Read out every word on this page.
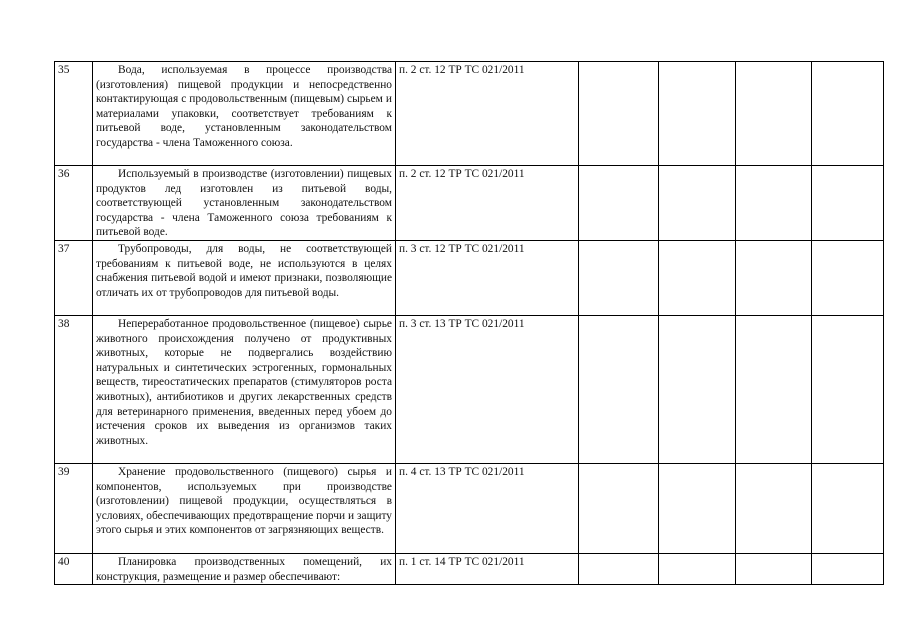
35	Вода, используемая в процессе производства (изготовления) пищевой продукции и непосредственно контактирующая с продовольственным (пищевым) сырьем и материалами упаковки, соответствует требованиям к питьевой воде, установленным законодательством государства - члена Таможенного союза.	п. 2 ст. 12 ТР ТС 021/2011				
36	Используемый в производстве (изготовлении) пищевых продуктов лед изготовлен из питьевой воды, соответствующей установленным законодательством государства - члена Таможенного союза требованиям к питьевой воде.	п. 2 ст. 12 ТР ТС 021/2011				
37	Трубопроводы, для воды, не соответствующей требованиям к питьевой воде, не используются в целях снабжения питьевой водой и имеют признаки, позволяющие отличать их от трубопроводов для питьевой воды.	п. 3 ст. 12 ТР ТС 021/2011				
38	Непереработанное продовольственное (пищевое) сырье животного происхождения получено от продуктивных животных, которые не подвергались воздействию натуральных и синтетических эстрогенных, гормональных веществ, тиреостатических препаратов (стимуляторов роста животных), антибиотиков и других лекарственных средств для ветеринарного применения, введенных перед убоем до истечения сроков их выведения из организмов таких животных.	п. 3 ст. 13 ТР ТС 021/2011				
39	Хранение продовольственного (пищевого) сырья и компонентов, используемых при производстве (изготовлении) пищевой продукции, осуществляться в условиях, обеспечивающих предотвращение порчи и защиту этого сырья и этих компонентов от загрязняющих веществ.	п. 4 ст. 13 ТР ТС 021/2011				
40	Планировка производственных помещений, их конструкция, размещение и размер обеспечивают:	п. 1 ст. 14 ТР ТС 021/2011				
